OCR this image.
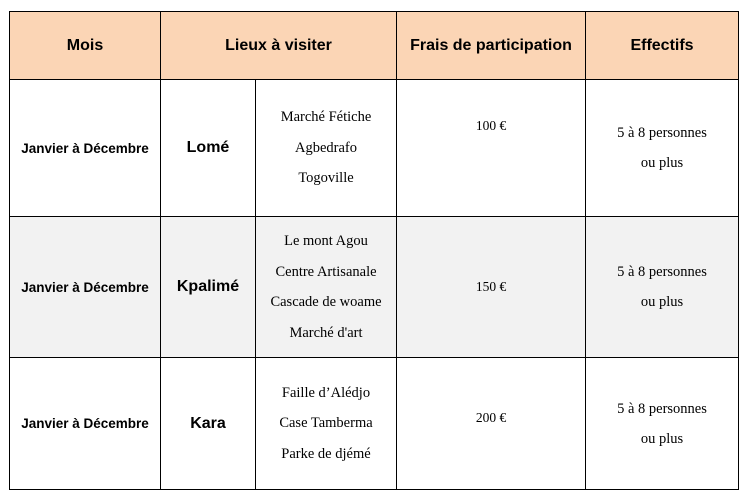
Mois	Lieux à visiter		Frais de participation	Effectifs
Janvier à Décembre	Lomé	Marché Fétiche
Agbedrafo
Togoville	100 €	5 à 8 personnes
ou plus

Janvier à Décembre	Kpalimé	Le mont Agou
Centre Artisanale
Cascade de woame
Marché d'art	150 €	5 à 8 personnes
ou plus

Janvier à Décembre	Kara	Faille d’Alédjo
Case Tamberma
Parke de djémé	200 €	5 à 8 personnes
ou plus
